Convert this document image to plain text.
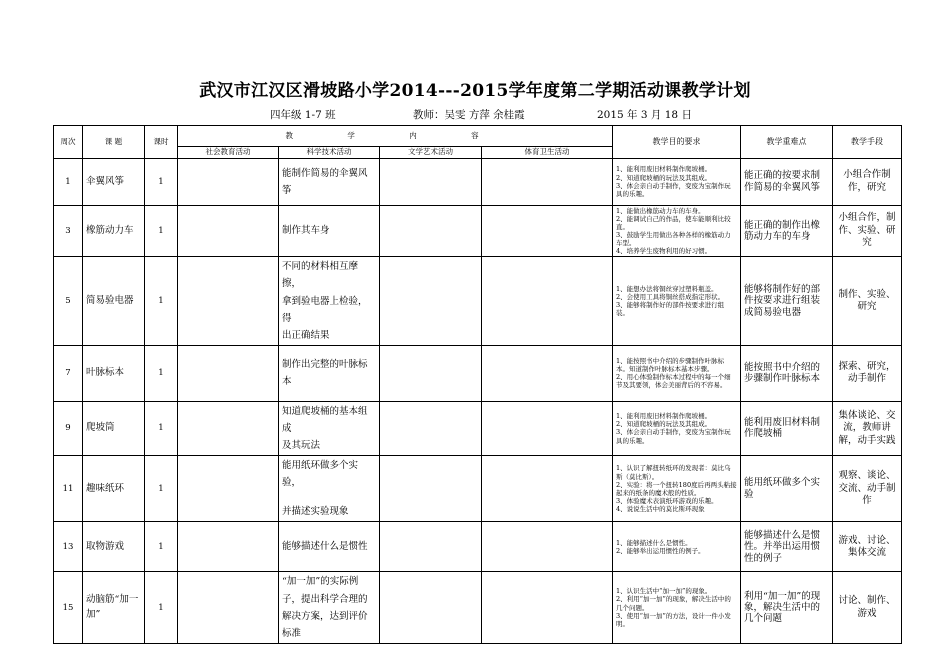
武汉市江汉区滑坡路小学2014---2015学年度第二学期活动课教学计划
四年级 1-7 班	教师：吴雯 方萍 余桂霞	2015 年 3 月 18 日
周次	课 题	课时	教 学 内 容				教学目的要求	教学重难点	教学手段
			社会教育活动	科学技术活动	文学艺术活动	体育卫生活动			
1	伞翼风筝	1		能制作简易的伞翼风筝			1、能利用废旧材料制作爬坡桶。
2、知道爬坡桶的玩法及其组成。
3、体会亲自动手制作，变废为宝制作玩具的乐趣。	能正确的按要求制作简易的伞翼风筝	小组合作制作，研究
3	橡筋动力车	1		制作其车身			1、能做出橡筋动力车的车身。
2、能调试自己的作品，使车能顺利比较直。
3、鼓励学生用做出各种各样的橡筋动力车型。
4、培养学生废物利用的好习惯。	能正确的制作出橡筋动力车的车身	小组合作，制作、实验、研究
5	简易验电器	1		不同的材料相互摩擦，
拿到验电器上检验，得
出正确结果			1、能想办法将铜丝穿过塑料瓶盖。
2、会使用工具将铜丝搭成指定形状。
3、能够将制作好的部件按要求进行组装。	能够将制作好的部件按要求进行组装成简易验电器	制作、实验、研究
7	叶脉标本	1		制作出完整的叶脉标本			1、能按照书中介绍的步骤制作叶脉标本。知道制作叶脉标本基本步骤。
2、用心体验制作标本过程中的每一个细节及其要领，体会美丽背后的不容易。	能按照书中介绍的步骤制作叶脉标本	探索、研究，动手制作
9	爬坡筒	1		知道爬坡桶的基本组成
及其玩法			1、能利用废旧材料制作爬坡桶。
2、知道爬坡桶的玩法及其组成。
3、体会亲自动手制作，变废为宝制作玩具的乐趣。	能利用废旧材料制作爬坡桶	集体谈论、交流，教师讲解，动手实践
11	趣味纸环	1		能用纸环做多个实验，
并描述实验现象			1、认识了解扭转纸环的发现者：莫比乌斯（莫比斯）。
2、实验：将一个扭转180度后再两头粘接起来的纸条的魔术般的性质。
3、体验魔术表演纸环游戏的乐趣。
4、说说生活中的莫比斯环现象	能用纸环做多个实验	观察、谈论、交流、动手制作
13	取物游戏	1		能够描述什么是惯性			1、能够描述什么是惯性。
2、能够举出运用惯性的例子。	能够描述什么是惯性。并举出运用惯性的例子	游戏、讨论、集体交流
15	动脑筋“加一加”	1		“加一加”的实际例子，提出科学合理的解决方案，达到评价标准			1、认识生活中“加一加”的现象。
2、利用“加一加”的现象，解决生活中的几个问题。
3、使用“加一加”的方法，设计一件小发明。	利用“加一加”的现象，解决生活中的几个问题	讨论、制作、游戏
